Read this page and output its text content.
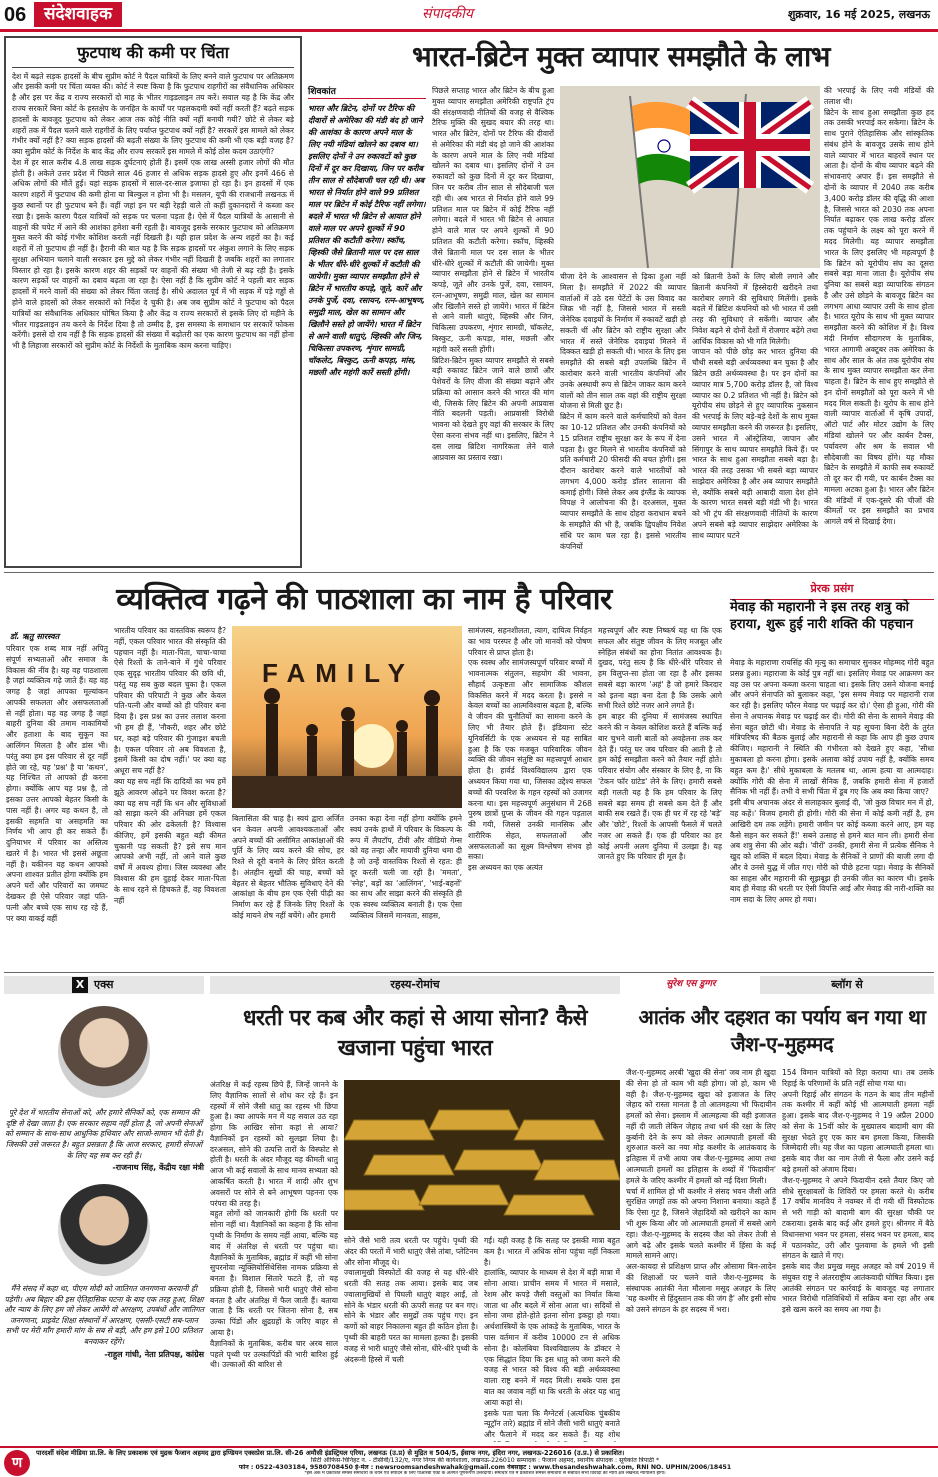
06	संदेशवाहक	संपादकीय	शुक्रवार, 16 मई 2025, लखनऊ
फुटपाथ की कमी पर चिंता
देश में बढ़ते सड़क हादसों के बीच सुप्रीम कोर्ट ने पैदल यात्रियों के लिए बनने वाले फुटपाथ पर अतिक्रमण और इसकी कमी पर चिंता व्यक्त की। कोर्ट ने स्पष्ट किया है कि फुटपाथ राहगीरों का संवैधानिक अधिकार है और इस पर केंद्र व राज्य सरकारों दो माह के भीतर गाइडलाइन तय करें। सवाल यह है कि केंद्र और राज्य सरकारें बिना कोर्ट के हस्तक्षेप के जनहित के कार्यों पर पहलकदमी क्यों नहीं करती हैं? बढ़ते सड़क हादसों के बावजूद फुटपाथ को लेकर आज तक कोई नीति क्यों नहीं बनायी गयी? छोटे से लेकर बड़े शहरों तक में पैदल चलने वाले राहगीरों के लिए पर्याप्त फुटपाथ क्यों नहीं है? सरकारें इस मामले को लेकर गंभीर क्यों नहीं है? क्या सड़क हादसों की बढ़ती संख्या के लिए फुटपाथ की कमी भी एक बड़ी वजह है? क्या सुप्रीम कोर्ट के निर्देश के बाद केंद्र और राज्य सरकारें इस मामले में कोई ठोस कदम उठाएंगी?
देश में हर साल करीब 4.8 लाख सड़क दुर्घटनाएं होती हैं। इसमें एक लाख अस्सी हजार लोगों की मौत होती है। अकेले उत्तर प्रदेश में पिछले साल 46 हजार से अधिक सड़क हादसे हुए और इनमें 466 से अधिक लोगों की मौतें हुईं। यहां सड़क हादसों में साल-दर-साल इजाफा हो रहा है। इन हादसों में एक कारण शहरों में फुटपाथ की कमी होना या बिल्कुल न होना भी है। मसलन, यूपी की राजधानी लखनऊ में कुछ स्थानों पर ही फुटपाथ बने हैं। वहीं जहां इन पर बड़ी रेहड़ी वाले तो कहीं दुकानदारों ने कब्जा कर रखा है। इसके कारण पैदल यात्रियों को सड़क पर चलना पड़ता है। ऐसे में पैदल यात्रियों के आसानी से वाहनों की चपेट में आने की आशंका हमेशा बनी रहती है। बावजूद इसके सरकार फुटपाथ को अतिक्रमण मुक्त करने की कोई गंभीर कोशिश करती नहीं दिखती है। यही हाल प्रदेश के अन्य शहरों का है। कई शहरों में तो फुटपाथ ही नहीं है। हैरानी की बात यह है कि सड़क हादसों पर अंकुश लगाने के लिए सड़क सुरक्षा अभियान चलाने वाली सरकार इस मुद्दे को लेकर गंभीर नहीं दिखती है जबकि शहरों का लगातार विस्तार हो रहा है। इसके कारण शहर की सड़कों पर वाहनों की संख्या भी तेजी से बढ़ रही है। इसके कारण सड़कों पर वाहनों का दबाव बढ़ता जा रहा है। ऐसा नहीं है कि सुप्रीम कोर्ट ने पहली बार सड़क हादसों में मरने वालों की संख्या को लेकर चिंता जताई है। सीधे अदालत पूर्व में भी सड़क में पड़े गड्ढों से होने वाले हादसों को लेकर सरकारों को निर्देश दे चुकी है। अब जब सुप्रीम कोर्ट ने फुटपाथ को पैदल यात्रियों का संवैधानिक अधिकार घोषित किया है और केंद्र व राज्य सरकारों से इसके लिए दो महीने के भीतर गाइडलाइन तय करने के निर्देश दिया है तो उम्मीद है, इस समस्या के समाधान पर सरकारें फोकस करेंगी। इससे दो राय नहीं है कि सड़क हादसों की संख्या में बढ़ोतरी का एक कारण फुटपाथ का नहीं होना भी है लिहाजा सरकारों को सुप्रीम कोर्ट के निर्देशों के मुताबिक काम करना चाहिए।
भारत-ब्रिटेन मुक्त व्यापार समझौते के लाभ
शिवकांत
भारत और ब्रिटेन, दोनों पर टैरिफ की दीवारों से अमेरिका की मंडी बंद हो जाने की आशंका के कारण अपने माल के लिए नयी मंडियां खोलने का दबाव था। इसलिए दोनों ने उन रुकावटों को कुछ दिनों में दूर कर दिखाया, जिन पर करीब तीन साल से सौदेबाजी चल रही थी। अब भारत से निर्यात होने वाले 99 प्रतिशत माल पर ब्रिटेन में कोई टैरिफ नहीं लगेगा। बदले में भारत भी ब्रिटेन से आयात होने वाले माल पर अपने शुल्कों में 90 प्रतिशत की कटौती करेगा। स्कॉच, व्हिस्की जैसे ब्रितानी माल पर दस साल के भीतर धीरे-धीरे शुल्कों में कटौती की जायेगी। मुक्त व्यापार समझौता होने से ब्रिटेन में भारतीय कपड़े, जूते, कारें और उनके पुर्जे, दवा, रसायन, रत्न-आभूषण, समुद्री माल, खेल का सामान और खिलौने सस्ते हो जायेंगे। भारत में ब्रिटेन से आने वाली धातुएं, व्हिस्की और जिन, चिकित्सा उपकरण, शृंगार सामग्री, चॉकलेट, बिस्कुट, ऊनी कपड़ा, मांस, मछली और महंगी कारें सस्ती होंगी।
पिछले सप्ताह भारत और ब्रिटेन के बीच हुआ मुक्त व्यापार समझौता अमेरिकी राष्ट्रपति ट्रंप की संरक्षणवादी नीतियों की वजह से वैश्विक टैरिफ मुक्ति की सुखद बयार की तरह था। भारत और ब्रिटेन, दोनों पर टैरिफ की दीवारों से अमेरिका की मंडी बंद हो जाने की आशंका के कारण अपने माल के लिए नयी मंडियां खोलने का दबाव था। इसलिए दोनों ने उन रुकावटों को कुछ दिनों में दूर कर दिखाया, जिन पर करीब तीन साल से सौदेबाजी चल रही थी। अब भारत से निर्यात होने वाले 99 प्रतिशत माल पर ब्रिटेन में कोई टैरिफ नहीं लगेगा। बदले में भारत भी ब्रिटेन से आयात होने वाले माल पर अपने शुल्कों में 90 प्रतिशत की कटौती करेगा। स्कॉच, व्हिस्की जैसे ब्रितानी माल पर दस साल के भीतर धीरे-धीरे शुल्कों में कटौती की जायेगी। मुक्त व्यापार समझौता होने से ब्रिटेन में भारतीय कपड़े, जूते और उनके पुर्जे, दवा, रसायन, रत्न-आभूषण, समुद्री माल, खेल का सामान और खिलौने सस्ते हो जायेंगे। भारत में ब्रिटेन से आने वाली धातुएं, व्हिस्की और जिन, चिकित्सा उपकरण, शृंगार सामग्री, चॉकलेट, बिस्कुट, ऊनी कपड़ा, मांस, मछली और महंगी कारें सस्ती होंगी।
ब्रिटिश-ब्रिटेन मुक्त व्यापार समझौते से सबसे बड़ी रुकावट ब्रिटेन जाने वाले छात्रों और पेशेवरों के लिए वीजा की संख्या बढ़ाने और प्रक्रिया को आसान करने की भारत की मांग थी, जिसके लिए ब्रिटेन की अपनी आप्रवास नीति बदलनी पड़ती। आप्रवासी विरोधी भावना को देखते हुए वहां की सरकार के लिए ऐसा करना संभव नहीं था। इसलिए, ब्रिटेन ने दस लाख ब्रिटिश नागरिकता लेने वाले आप्रवास का प्रस्ताव रखा।
चीजा देने के आश्वासन से ढ़िका हुआ नहीं मिला है। समझौते में 2022 की व्यापार वार्ताओं में उठे दस पेटेंटों के उस विवाद का जिक्र भी नहीं है, जिससे भारत में सस्ती जेनेरिक दवाइयों के निर्माण में रुकावटें खड़ी हो सकती थीं और ब्रिटेन को राष्ट्रीय सुरक्षा और भारत में सस्ते जेनेरिक दवाइयां मिलने में दिक्कत खड़ी हो सकती थी। भारत के लिए इस समझौते की सबसे बड़ी उपलब्धि ब्रिटेन में कारोबार करने वाली भारतीय कंपनियों और उनके अस्थायी रूप से ब्रिटेन जाकर काम करने वालों को तीन साल तक वहां की राष्ट्रीय सुरक्षा योजना से मिली छूट है।
ब्रिटेन में काम करने वाले कर्मचारियों को वेतन का 10-12 प्रतिशत और उनकी कंपनियों को 15 प्रतिशत राष्ट्रीय सुरक्षा कर के रूप में देना पड़ता है। छूट मिलने से भारतीय कंपनियों को प्रति कर्मचारी 20 फीसदी की बचत होगी। इस दौरान कारोबार करने वाले भारतीयों को लगभग 4,000 करोड़ डॉलर सालाना की कमाई होगी। जिसे लेकर अब इंग्लैंड के व्यापक विपक्ष ने आलोचना की है। दरअसल, मुक्त व्यापार समझौते के साथ दोहरा कराधान बचने के समझौते की भी है, जबकि द्विपक्षीय निवेश संधि पर काम चल रहा है। इससे भारतीय कंपनियों
को ब्रितानी ठेकों के लिए बोली लगाने और ब्रितानी कंपनियों में हिस्सेदारी खरीदने तथा कारोबार लगाने की सुविधाएं मिलेंगी। इसके बदले में ब्रिटिश कंपनियों को भी भारत में उसी तरह की सुविधाएं ले सकेंगी। व्यापार और निवेश बढ़ने से दोनों देशों में रोजगार बढ़ेंगे तथा आर्थिक विकास को भी गति मिलेगी।
जापान को पीछे छोड़ कर भारत दुनिया की चौथी सबसे बड़ी अर्थव्यवस्था बन चुका है और ब्रिटेन छठी अर्थव्यवस्था है। पर इन दोनों का व्यापार मात्र 5,700 करोड़ डॉलर है, जो विश्व व्यापार का 0.2 प्रतिशत भी नहीं है। ब्रिटेन को यूरोपीय संघ छोड़ने से हुए व्यापारिक नुकसान की भरपाई के लिए बड़े-बड़े देशों के साथ मुक्त व्यापार समझौता करने की जरूरत है। इसलिए, उसने भारत में ऑस्ट्रेलिया, जापान और सिंगापुर के साथ व्यापार समझौते किये हैं। पर भारत के साथ हुआ समझौता सबसे बड़ा है। भारत की तरह उसका भी सबसे बड़ा व्यापार साझेदार अमेरिका है और अब व्यापार समझौते से, क्योंकि सबसे बड़ी आबादी वाला देश होने के कारण भारत सबसे बड़ी मंडी भी है। भारत को भी ट्रंप की संरक्षणवादी नीतियों के कारण अपने सबसे बड़े व्यापार साझेदार अमेरिका के साथ व्यापार घटने
की भरपाई के लिए नयी मंडियों की तलाश थी।
ब्रिटेन के साथ हुआ समझौता कुछ हद तक उसकी भरपाई कर सकेगा। ब्रिटेन के साथ पुराने ऐतिहासिक और सांस्कृतिक संबंध होने के बावजूद उसके साथ होने वाले व्यापार में भारत बाहरवें स्थान पर आता है। दोनों के बीच व्यापार बढ़ने की संभावनाएं अपार हैं। इस समझौते से दोनों के व्यापार में 2040 तक करीब 3,400 करोड़ डॉलर की वृद्धि की आशा है, जिससे भारत को 2030 तक अपना निर्यात बढ़ाकर एक लाख करोड़ डॉलर तक पहुंचाने के लक्ष्य को पूरा करने में मदद मिलेगी। यह व्यापार समझौता भारत के लिए इसलिए भी महत्वपूर्ण है कि ब्रिटेन को यूरोपीय संघ का दूसरा सबसे बड़ा माना जाता है। यूरोपीय संघ दुनिया का सबसे बड़ा व्यापारिक संगठन है और उसे छोड़ने के बावजूद ब्रिटेन का लगभग आधा व्यापार उसी के साथ होता है। भारत यूरोप के साथ भी मुक्त व्यापार समझौता करने की कोशिश में है। विश्व मंदी निर्माण सौदागरण के मुताबिक, भारत आगामी अक्टूबर तक अमेरिका के साथ और साल के अंत तक यूरोपीय संघ के साथ मुक्त व्यापार समझौता कर लेना चाहता है। ब्रिटेन के साथ हुए समझौते से इन दोनों समझौतों को पूरा करने में भी मदद मिल सकती है। यूरोप के साथ होने वाली व्यापार वार्ताओं में कृषि उपादों, ऑटो पार्ट और मोटर उद्योग के लिए मंडियां खोलने पर और कार्बन टैक्स, पर्यावरण और श्रम के सवाल भी सौदेबाजी का विषय होंगे। यह मौका ब्रिटेन के समझौते में काफी सब रुकावटें तो दूर कर दी गयी, पर कार्बन टैक्स का मामला अटका हुआ है। भारत और ब्रिटेन की मंडियों में एक-दूसरे की चीजों की कीमतों पर इस समझौते का प्रभाव आगले वर्ष से दिखाई देगा।
व्यक्तित्व गढ़ने की पाठशाला का नाम है परिवार
डॉ. ऋतु सारस्वत
परिवार एक शब्द मात्र नहीं अपितु संपूर्ण सभ्यताओं और समाज के विकास की नींव है। यह वह पाठशाला है जहां व्यक्तित्व गढ़े जाते हैं। यह वह जगह है जहां आपका मूल्यांकन आपकी सफलता और असफलताओं से नहीं होता। यह वह जगह है जहां बाहरी दुनिया की तमाम नाकामियों और हताशा के बाद सुकून का आलिंगन मिलता है और डांस भी। परंतु क्या हम इस परिवार से दूर नहीं होते जा रहे, यह 'प्रश्न' है या 'कथन', यह निश्चित तो आपको ही करना होगा। क्योंकि आप यह प्रश्न है, तो इसका उत्तर आपको बेहतर किसी के पास नहीं है। अगर यह कथन है, तो इसकी सहमति या असहमति का निर्णय भी आप ही कर सकते हैं। दुनियाभर में परिवार का अस्तित्व खतरे में है। भारत भी इससे अछूता नहीं है। यकीनन यह कथन आपको अपना शाश्वत प्रतीत होगा क्योंकि हम अपने घरों और परिवारों का जमघट देखकर ही ऐसे परिवार जहां पति-पत्नी और बच्चे एक साथ रह रहे हैं, पर क्या वाकई वहीं
भारतीय परिवार का वास्तविक स्वरूप है? नहीं, एकल परिवार भारत की संस्कृति की पहचान नहीं है। माता-पिता, चाचा-चाचा ऐसे रिश्तों के ताने-बाने में गुंथे परिवार एक सुदृढ़ भारतीय परिवार की छवि थी, परंतु यह सब कुछ बदल चुका है। एकल परिवार की परिपाटी ने कुछ और केवल पति-पत्नी और बच्चों को ही परिवार बना दिया है। इस प्रश्न का उत्तर तलाश करना भी हम ही हैं, 'नौकरी, शहर और छोटे घर, कहां बड़े परिवार की गुंजाइश बचती है। एकल परिवार तो अब विवशता है, इसमें किसी का दोष नहीं।' पर क्या यह अधूरा सच नहीं है?
क्या यह सच नहीं कि दादियों का भय हमें झूठे आवरण ओढ़ने पर विवश करता है? क्या यह सच नहीं कि धन और सुविधाओं को साझा करने की अनिच्छा हमें एकल परिवार की ओर ढकेलती है? विश्वास कीजिए, हमें इसकी बहुत बड़ी कीमत चुकानी पड़ सकती है? इसे सच मान आपको अभी नहीं, तो आने वाले कुछ वर्षों में अवश्य होगा। जिस व्यवस्था और विश्वास की हम दुहाई देकर माता-पिता के साथ रहने से हिचकते हैं, वह विवशता नहीं
FAMILY
बिलासिता की चाह है। स्वयं द्वारा अर्जित धन केवल अपनी आवश्यकताओं और अपने बच्चों की असीमित आकांक्षाओं की पूर्ति के लिए व्यय करने की सोच, हर रिश्ते से दूरी बनाने के लिए प्रेरित करती है। अंतहीन सुखों की चाह, बच्चों को बेहतर से बेहतर भौतिक सुविधाएं देने की आकांक्षा के बीच हम एक ऐसी पीढ़ी का निर्माण कर रहे हैं जिनके लिए रिश्तों के कोई मायने शेष नहीं बचेंगे। और हमारी
उनका कहा देना नहीं होगा क्योंकि हमने स्वयं उनके हाथों में परिवार के विकल्प के रूप में लैपटॉप, टीवी और वीडियो गेम्स को वह तन्हा और मायावी दुनिया थमा दी है जो उन्हें वास्तविक रिश्तों से रहत: ही दूर करती चली जा रही है। 'ममता', 'स्नेह', बड़ों का 'आलिंगन', 'भाई-बहनों' का साथ और साझा करने की संस्कृति ही एक स्वस्थ व्यक्तित्व बनाती है। एक ऐसा व्यक्तित्व जिसमें मानवता, साहस,
सामंजस्य, सहनशीलता, त्याग, दायित्व निर्वहन का भाव परस्पर है और जो मानवों को पोषण परिवार से प्राप्त होता है।
एक स्वस्थ और सामंजस्यपूर्ण परिवार बच्चों में भावनात्मक संतुलन, सहयोग की भावना, सौहार्द उत्कृष्टता और सामाजिक कौशल विकसित करने में मदद करता है। इससे न केवल बच्चों का आत्मविश्वास बढ़ता है, बल्कि वे जीवन की चुनौतियों का सामना करने के लिए भी तैयार होते हैं। इंडियाना स्टेट यूनिवर्सिटी के एक अध्ययन से यह साबित हुआ है कि एक मजबूत पारिवारिक जीवन व्यक्ति की जीवन संतुष्टि का महत्त्वपूर्ण आधार होता है। हार्वर्ड विश्वविद्यालय द्वारा एक अध्ययन किया गया था, जिसका उद्देश्य सफल बच्चों की परवरिश के गहन रहस्यों को उजागर करना था। इस महत्त्वपूर्ण अनुसंधान में 268 पुरुष छात्रों ग्रुप्स के जीवन की गहन पड़ताल की गयी, जिससे उनकी मानसिक और शारीरिक सेहत, सफलताओं और असफलताओं का सूक्ष्म विश्लेषण संभव हो सका।
इस अध्ययन का एक अत्यंत
महत्त्वपूर्ण और स्पष्ट निष्कर्ष यह था कि एक सफल और संतुष्ट जीवन के लिए मजबूत और स्नेहिल संबंधों का होना नितांत आवश्यक है। दुखद, परंतु सत्य है कि धीरे-धीरे परिवार से हम विलुप्त-सा होता जा रहा है और इसका सबसे बड़ा कारण 'अहं' है जो हमारे किरदार को इतना बड़ा बना देता है कि उसके आगे सभी रिश्ते छोटे नजर आने लगते हैं।
हम बाहर की दुनिया में सामंजस्य स्थापित करने की न केवल कोशिश करते हैं बल्कि कई बार चुभने वाली बातों को अवहेलना तक कर देते हैं। परंतु घर जब परिवार की आती है तो हम कोई समझौता करने को तैयार नहीं होते। परिवार संयोग और संस्कार के लिए है, ना कि 'टेकन फॉर ग्रांटेड' लेने के लिए। हमारी सबसे बड़ी गलती यह है कि हम परिवार के लिए सबसे बड़ा समय ही सबसे कम देते हैं और बाकी सब रखते हैं। एक ही घर में रह रहे 'बड़े' और 'छोटे', रिश्तों के आपसी फैसले में चलते नजर आ सकते हैं। एक ही परिवार का हर कोई अपनी अलग दुनिया में उलझा है। यह जानते हुए कि परिवार ही मूल है।
प्रेरक प्रसंग
मेवाड़ की महारानी ने इस तरह शत्रु को हराया, शुरू हुई नारी शक्ति की पहचान
मेवाड़ के महाराणा रायसिंह की मृत्यु का समाचार सुनकर मोहम्मद गोरी बहुत प्रसन्न हुआ। महाराजा के कोई पुत्र नहीं था। इसलिए मेवाड़ पर आक्रमण कर वह उस पर अपना कब्जा करना चाहता था। इसके लिए उसने योजना बनाई और अपने सेनापति को बुलाकर कहा, 'इस समय मेवाड़ पर महारानी राज कर रही है। इसलिए फौरन मेवाड़ पर चढ़ाई कर दो।' ऐसा ही हुआ, गोरी की सेना ने अचानक मेवाड़ पर चढ़ाई कर दी। गोरी की सेना के सामने मेवाड़ की सेना बहुत छोटी थी। मेवाड़ के सेनापति ने यह सूचना बिना देरी के तुरंत मंत्रिपरिषद की बैठक बुलाई और महारानी से कहा कि आप ही कुछ उपाय कीजिए। महारानी ने स्थिति की गंभीरता को देखते हुए कहा, 'सीधा मुकाबला हो करना होगा। इसके अलावा कोई उपाय नहीं है, क्योंकि समय बहुत कम है।' सीधे मुकाबला के मतलब था, आत्म हत्या या आत्मदाह। क्योंकि गोरी की सेना में लाखों सैनिक हैं, जबकि हमारी सेना में हजारों सैनिक भी नहीं हैं। तभी वे सभी चिंता में डूब गए कि अब क्या किया जाए?
इसी बीच अचानक अंदर से सलाहकार बुलाई दी, 'जो कुछ विचार मन में हो, वह कहें।' विजय हमारी ही होगी। गोरी की सेना में कोई कमी नहीं है, हम आखिरी दम तक लड़ेंगे। हमारी जमीन पर कोई कब्जा करने आए, हम यह कैसे सहन कर सकते हैं!' सबने उत्साह से हमने बात मान ली। हमारी सेना अब शत्रु सेना की ओर बढ़ी। 'वीरों' उनकी, हमारी सेना में प्रत्येक सैनिक ने खुद को शक्ति में बदल दिया। मेवाड़ के सैनिकों ने प्राणों की बाजी लगा दी और वे उनसे युद्ध में जीत गए। गोरी को पीछे हटना पड़ा। मेवाड़ के सैनिकों का साहस और महारानी की सूझबूझ ही उनकी जीत का कारण थी। इसके बाद ही मेवाड़ की धरती पर ऐसी विपत्ति आई और मेवाड़ की नारी-शक्ति का नाम सदा के लिए अमर हो गया।
X एक्स
पूरे देश में भारतीय सेनाओं को, और हमारे सैनिकों को, एक सम्मान की दृष्टि से देखा जाता है। एक सरकार सहाय नहीं होता है, जो अपनी सेनाओं को सम्मान के साथ-साथ आधुनिक हथियार और साजो-सामान भी देती है। जिसकी उसे जरूरत है। बहुत प्रसन्नता है कि आज सरकार, हमारी सेनाओं के लिए यह सब कर रही है।
-राजनाथ सिंह, केंद्रीय रक्षा मंत्री
मैंने संसद में कहा था, पीएम मोदी को जातिगत जनगणना करवानी ही पड़ेगी। अब बिहार की इस ऐतिहासिक घटना के बाद एक तरह हुआ, शिक्षा और न्याय के लिए हम जो लेकर आयेंगे वो आरक्षण, उपबंधों और जातिगत जनगणना, प्राइवेट शिक्षा संस्थानों में आरक्षण, एससी-एसटी सब-प्लान सभी पर मेरी माँग हमारी मांग के सब से बड़ी, और हम इसे 100 प्रतिशत बनवाकर रहेंगे।
-राहुल गांधी, नेता प्रतिपक्ष, कांग्रेस
रहस्य-रोमांच
धरती पर कब और कहां से आया सोना? कैसे खजाना पहुंचा भारत
अंतरिक्ष में कई रहस्य छिपे हैं, जिन्हें जानने के लिए वैज्ञानिक सालों से शोध कर रहे हैं। इन रहस्यों में सोने जैसी धातु का रहस्य भी छिपा हुआ है। क्या आपके मन में यह सवाल उठ रहा होगा कि आखिर सोना कहां से आया? वैज्ञानिकों इन रहस्यों को सुलझा लिया है। दरअसल, सोने की उत्पत्ति तारों के विस्फोट से होती है। धरती के अंदर मौजूद यह कीमती धातु आज भी कई सवालों के साथ मानव सभ्यता को आकर्षित करती है। भारत में शादी और शुभ अवसरों पर सोने से बने आभूषण पहनना एक परंपरा की तरह है।
बहुत लोगों को जानकारी होगी कि धरती पर सोना नहीं था। वैज्ञानिकों का कहना है कि सोना पृथ्वी के निर्माण के समय नहीं आया, बल्कि यह बाद में अंतरिक्ष से धरती पर पहुंचा था। वैज्ञानिकों के मुताबिक, ब्रह्मांड में कहीं भी सोना सुपरनोवा न्यूक्लियोसिंथेसिस नामक प्रक्रिया से बनता है। विशाल सितारे फटते हैं, तो यह प्रक्रिया होती है, जिससे भारी धातुएं जैसे सोना बनता है और अंतरिक्ष में फैल जाती हैं। बताया जाता है कि धरती पर जितना सोना है, सब उल्का पिंडों और क्षुद्रग्रहों के जरिए बाहर से आया है।
वैज्ञानिकों के मुताबिक, करीब चार अरब साल पहले पृथ्वी पर उल्कापिंडों की भारी बारिश हुई थी। उल्काओं की बारिश से
सोने जैसे भारी तत्व धरती पर पहुंचे। पृथ्वी की अंदर की परतों में भारी धातुएं जैसे तांबा, प्लेटिनम और सोना मौजूद थे।
ज्वालामुखी विस्फोटों की वजह से यह धीरे-धीरे धरती की सतह तक आया। इसके बाद जब ज्वालामुखियों से पिघली धातुएं बाहर आईं, तो सोने के भंडार धरती की ऊपरी सतह पर बन गए। सोने के भंडार और समुद्रों तक पहुंच गए। इन कणों को बाहर निकालना बहुत ही कठिन होता है। पृथ्वी की बाहरी परत का मामला हल्का है। इसकी वजह से भारी धातुएं जैसे सोना, धीरे-धीरे पृथ्वी के अंदरूनी हिस्से में चली
गईं। यही वजह है कि सतह पर इसकी मात्रा बहुत कम है। भारत में अधिक सोना पहुंचा नहीं निकला है।
हालांकि, व्यापार के माध्यम से देश में बड़ी मात्रा में सोना आया। प्राचीन समय में भारत में मसाले, रेशम और कपड़े जैसी वस्तुओं का निर्यात किया जाता था और बदले में सोना आता था। सदियों से सोना जमा होते-होते इतना सोना इकट्ठा हो गया। अर्थशास्त्रियों के एक आंकड़े के मुताबिक, भारत के पास वर्तमान में करीब 10000 टन से अधिक सोना है। कोलंबिया विश्वविद्यालय के डॉक्टर ने एक सिद्धांत दिया कि इस धातु को जमा करने की वजह से भारत को विश्व की बड़ी अर्थव्यवस्था वाला राष्ट्र बनने में मदद मिली। सबके पास इस बात का जवाब नहीं था कि धरती के अंदर यह धातु आया कहां से।
इसके पता चला कि मैग्नेटर्स (अत्यधिक चुंबकीय न्यूट्रॉन तारे) ब्रह्मांड में सोने जैसी भारी धातुएं बनाते और फैलाने में मदद कर सकते हैं। यह शोध
सुरेश एस डुग्गर	ब्लॉग से
आतंक और दहशत का पर्याय बन गया था जैश-ए-मुहम्मद
जैश-ए-मुहम्मद अरबी 'खुदा की सेना' जब नाम ही खुदा की सेना हो तो काम भी वही होगा। जो हो, काम भी वही है। जैश-ए-मुहम्मद खुदा को इजाजत के लिए जेहाद को रास्ता मानता है तो आतमहत्या भी फिदायीन हमलों को सेना। इस्लाम में आत्महत्या की वही इजाजत नहीं दी जाती लेकिन जेहाद तथा धर्म की रक्षा के लिए कुर्बानी देने के रूप को लेकर आत्मघाती हमलों की शुरुआत करने का नया मोड़ कश्मीर के आतंकवाद के इतिहास में तभी आया जब जैश-ए-मुहम्मद आया तथा आत्मघाती हमलों का इतिहास के शब्दों में 'फिदायीन' हमले के जरिए कश्मीर में हमलों को नई दिशा मिली।
चर्चा में शामिल हो भी कश्मीर ने संसद भवन जैसी अति सुरक्षित जगहों तक को अपना निशाना बनाया। कहते हैं कि ऐसा गुट है, जिसने जेहादियों को खरीदने का काम भी शुरू किया और जो आत्मघाती हमलों में सबसे आगे रहा। जैश-ए-मुहम्मद के सदस्य जैश को लेकर तेजी से आगे बढ़े और इसके चलते कश्मीर में हिंसा के कई मामले सामने आए।
अल-कायदा से प्रशिक्षण प्राप्त और ओसामा बिन-लादेन की शिक्षाओं पर चलने वाले जैश-ए-मुहम्मद के संस्थापक आतंकी नेता मौलाना मसूद अजहर के लिए 'यह कश्मीर से हिंदुस्तान तक की जंग है' और इसी सोच को उसने संगठन के हर सदस्य में भरा।
154 विमान यात्रियों को रिहा कराया था। तब उसके रिहाई के परिणामों के प्रति नहीं सोचा गया था।
अपनी रिहाई और संगठन के गठन के बाद तीन महीनों तक कश्मीर में कहीं कोई भी आत्मघाती हमला नहीं हुआ। इसके बाद जैश-ए-मुहम्मद ने 19 अप्रैल 2000 को सेना के 15वीं कोर के मुख्यालय बादामी बाग की सुरक्षा भेदते हुए एक कार बम हमला किया, जिसकी जिम्मेदारी ली। यह जैश का पहला आत्मघाती हमला था। इसके बाद जैश का नाम तेजी से फैला और उसने कई बड़े हमलों को अंजाम दिया।
जैश-ए-मुहम्मद ने अपने फिदायीन दस्ते तैयार किए जो सीधे सुरक्षाबलों के शिविरों पर हमला करते थे। करीब 17 वर्षीय मानविय ने नवम्बर में दी गयी थीं विस्फोटक से भरी गाड़ी को बादामी बाग की सुरक्षा चौकी पर टकराया। इसके बाद कई और हमले हुए। श्रीनगर में बैठे विधानसभा भवन पर हमला, संसद भवन पर हमला, बाद में पठानकोट, उरी और पुलवामा के हमले भी इसी संगठन के खाते में गए।
इसके बाद जैश प्रमुख मसूद अजहर को वर्ष 2019 में संयुक्त राष्ट्र ने अंतरराष्ट्रीय आतंकवादी घोषित किया। इस आतंकी संगठन पर कार्रवाई के बावजूद यह लगातार भारत विरोधी गतिविधियों में सक्रिय बना रहा और अब इसे खत्म करने का समय आ गया है।
ण
पारदर्शी संदेश मीडिया प्रा.लि. के लिए प्रकाशक एवं मुद्रक फैजान अहमद द्वारा इण्डियन एक्सप्रेस प्रा.लि. सी-26 अमौसी इंडस्ट्रियल एरिया, लखनऊ (उ.प्र) से मुद्रित व 504/5, ईसाफ नगर, इंदिरा नगर, लखनऊ-226016 (उ.प्र.) से प्रकाशित।
सिटी ऑफिस-चिनिहट न. - टीसीवी/132/ए, नगर निगम की कार्यशाला, लखनऊ-226010 सम्पादक : फैजान अहमद, स्थानीय संपादक : सूर्यकांत त्रिपाठी *
फोन : 0522-4303184, 9580708450 ई-मेल : newsroomsandeshwahak@gmail.com वेबसाइट : www.thesandeshwahak.com, RNI NO. UPHIN/2006/18451
*इस अंक में प्रकाशित समस्त समाचारों के चयन एवं संपादन के लिए पीआरबी एक्ट के अंतर्गत पूर्णरूपेण उत्तरदायी। समाचार पत्र में प्रकाशित समस्त समाचारों से संबंधित सभी विवादों का न्याय क्षेत्र लखनऊ न्यायालय होगा।
